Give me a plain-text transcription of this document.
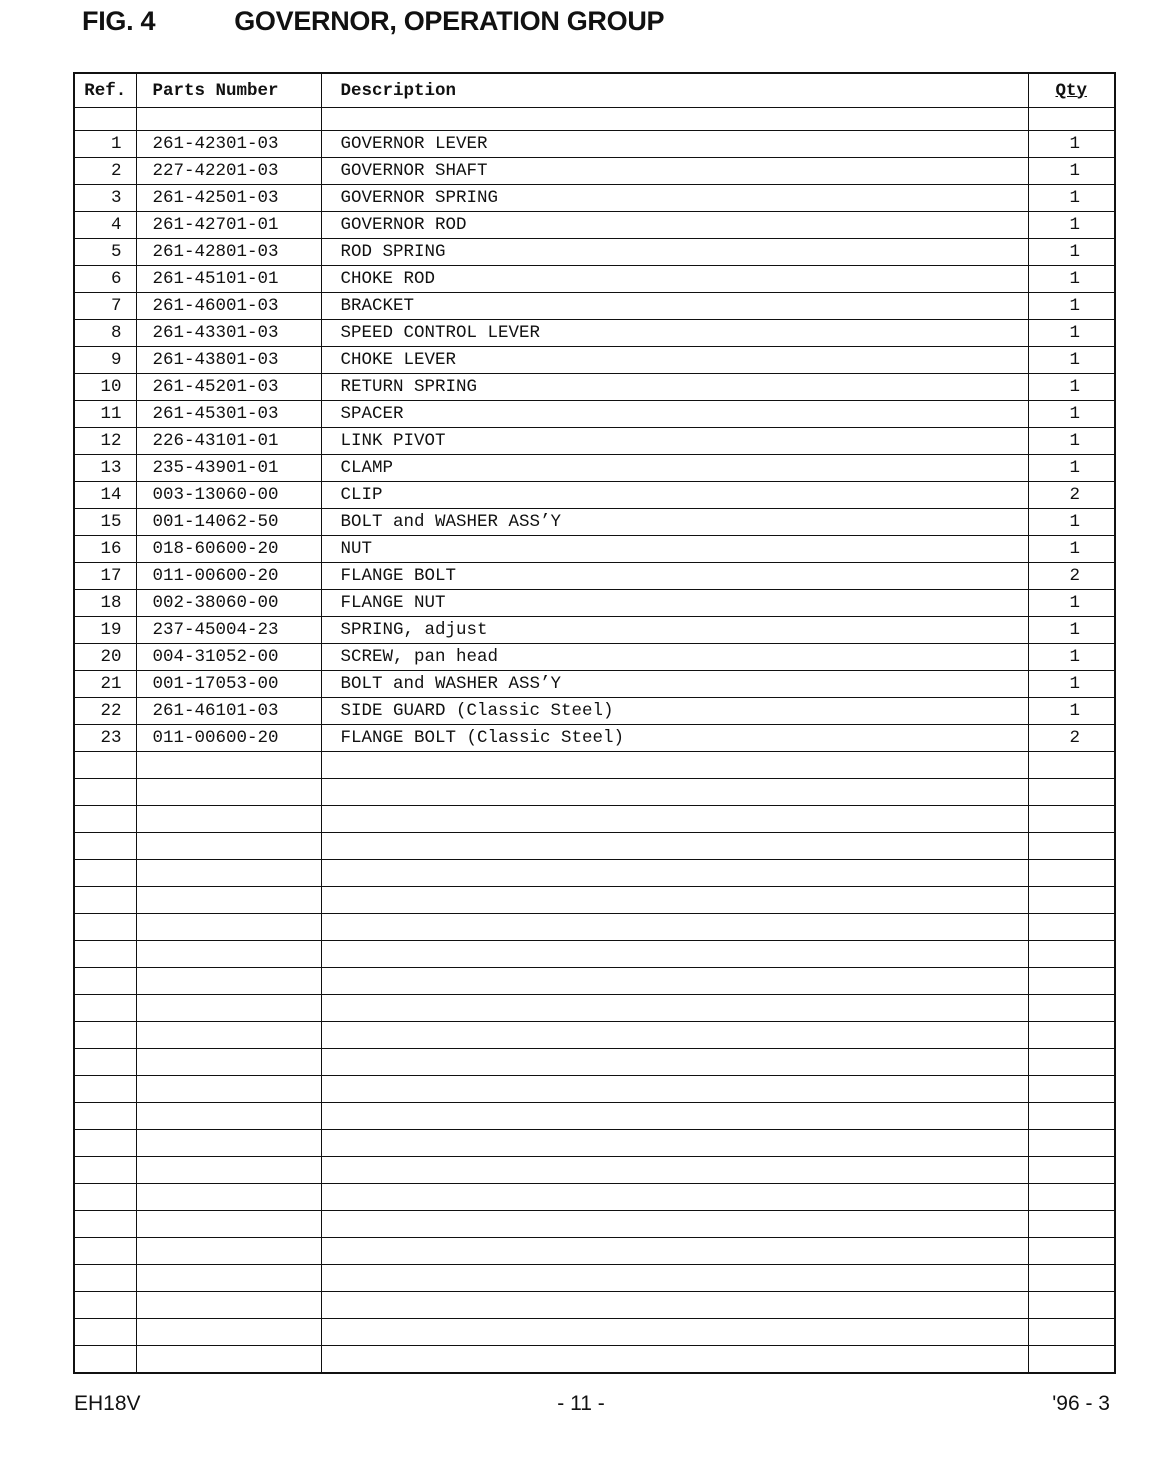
FIG. 4	GOVERNOR, OPERATION GROUP
Ref.	Parts Number	Description	Qty

1	261-42301-03	GOVERNOR LEVER	1
2	227-42201-03	GOVERNOR SHAFT	1
3	261-42501-03	GOVERNOR SPRING	1
4	261-42701-01	GOVERNOR ROD	1
5	261-42801-03	ROD SPRING	1
6	261-45101-01	CHOKE ROD	1
7	261-46001-03	BRACKET	1
8	261-43301-03	SPEED CONTROL LEVER	1
9	261-43801-03	CHOKE LEVER	1
10	261-45201-03	RETURN SPRING	1
11	261-45301-03	SPACER	1
12	226-43101-01	LINK PIVOT	1
13	235-43901-01	CLAMP	1
14	003-13060-00	CLIP	2
15	001-14062-50	BOLT and WASHER ASS’Y	1
16	018-60600-20	NUT	1
17	011-00600-20	FLANGE BOLT	2
18	002-38060-00	FLANGE NUT	1
19	237-45004-23	SPRING, adjust	1
20	004-31052-00	SCREW, pan head	1
21	001-17053-00	BOLT and WASHER ASS’Y	1
22	261-46101-03	SIDE GUARD (Classic Steel)	1
23	011-00600-20	FLANGE BOLT (Classic Steel)	2

EH18V	- 11 -	'96 - 3
